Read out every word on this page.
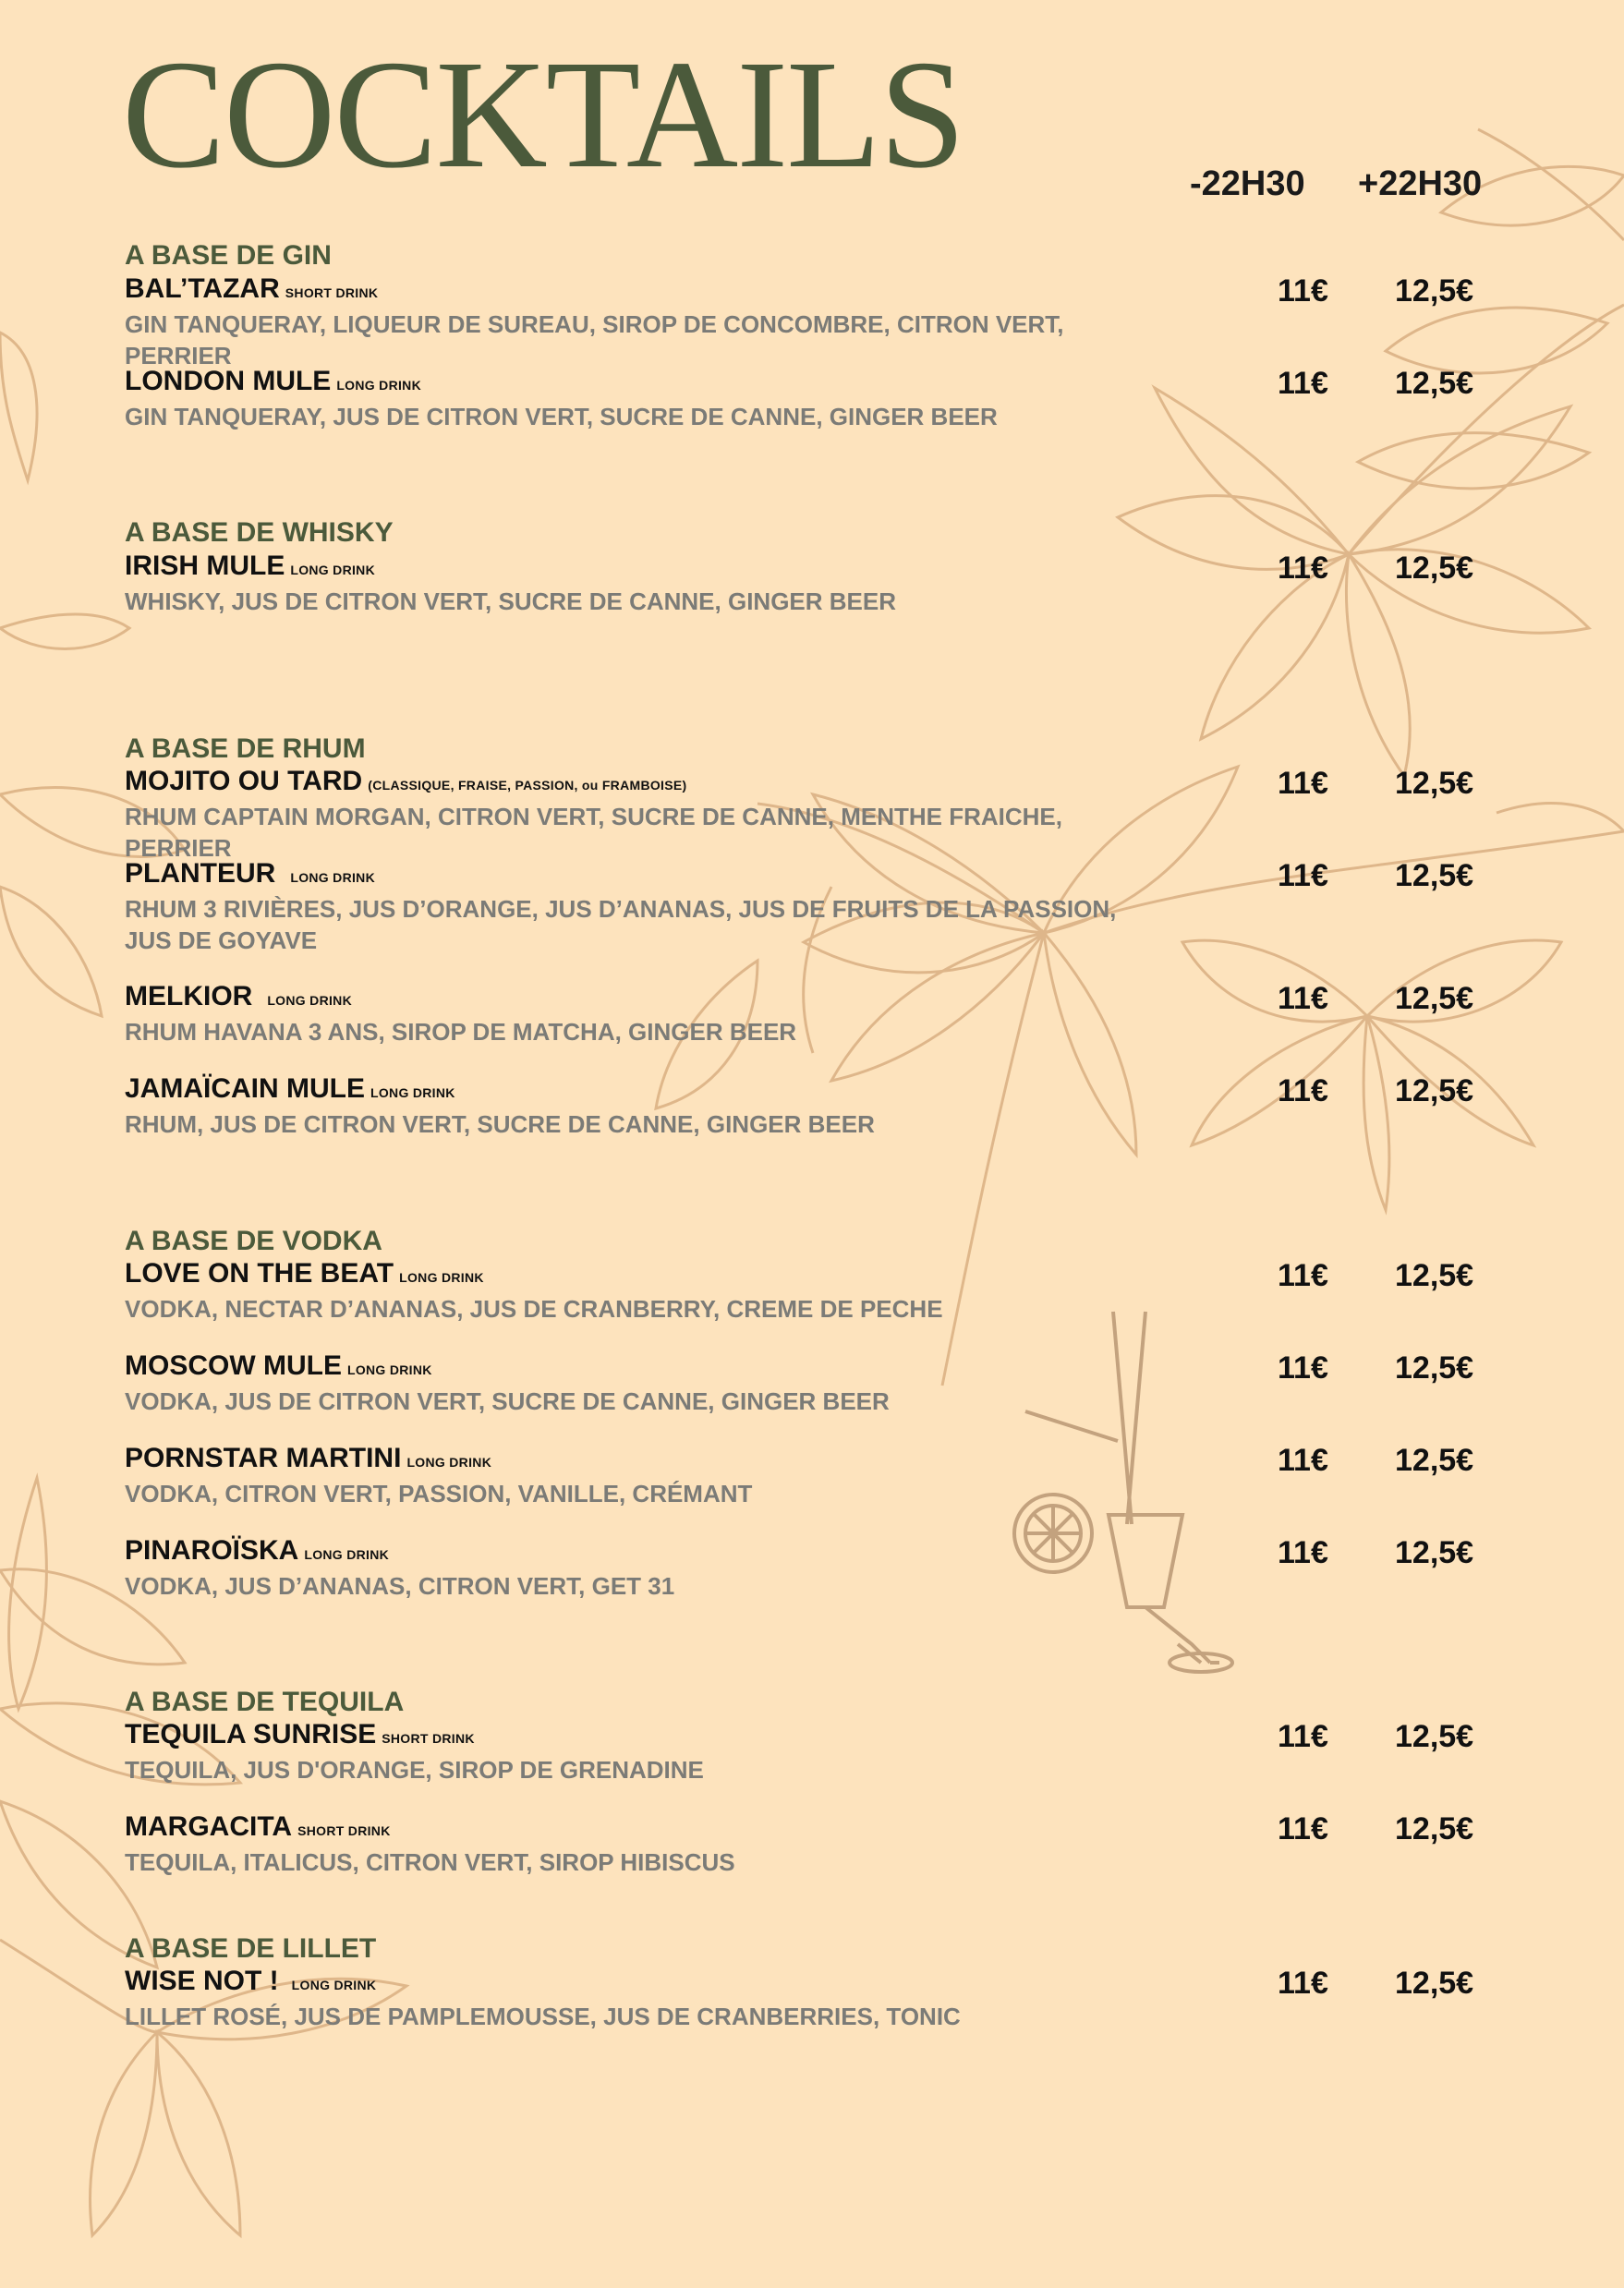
COCKTAILS	-22H30 +22H30
A BASE DE GIN
BAL’TAZAR SHORT DRINK
GIN TANQUERAY, LIQUEUR DE SUREAU, SIROP DE CONCOMBRE, CITRON VERT, PERRIER
11€ 12,5€
LONDON MULE LONG DRINK
GIN TANQUERAY, JUS DE CITRON VERT, SUCRE DE CANNE, GINGER BEER
11€ 12,5€
A BASE DE WHISKY
IRISH MULE LONG DRINK
WHISKY, JUS DE CITRON VERT, SUCRE DE CANNE, GINGER BEER
11€ 12,5€
A BASE DE RHUM
MOJITO OU TARD (CLASSIQUE, FRAISE, PASSION, ou FRAMBOISE)
RHUM CAPTAIN MORGAN, CITRON VERT, SUCRE DE CANNE, MENTHE FRAICHE, PERRIER
11€ 12,5€
PLANTEUR LONG DRINK
RHUM 3 RIVIÈRES, JUS D’ORANGE, JUS D’ANANAS, JUS DE FRUITS DE LA PASSION, JUS DE GOYAVE
11€ 12,5€
MELKIOR LONG DRINK
RHUM HAVANA 3 ANS, SIROP DE MATCHA, GINGER BEER
11€ 12,5€
JAMAÏCAIN MULE LONG DRINK
RHUM, JUS DE CITRON VERT, SUCRE DE CANNE, GINGER BEER
11€ 12,5€
A BASE DE VODKA
LOVE ON THE BEAT LONG DRINK
VODKA, NECTAR D’ANANAS, JUS DE CRANBERRY, CREME DE PECHE
11€ 12,5€
MOSCOW MULE LONG DRINK
VODKA, JUS DE CITRON VERT, SUCRE DE CANNE, GINGER BEER
11€ 12,5€
PORNSTAR MARTINI LONG DRINK
VODKA, CITRON VERT, PASSION, VANILLE, CRÉMANT
11€ 12,5€
PINAROÏSKA LONG DRINK
VODKA, JUS D’ANANAS, CITRON VERT, GET 31
11€ 12,5€
A BASE DE TEQUILA
TEQUILA SUNRISE SHORT DRINK
TEQUILA, JUS D'ORANGE, SIROP DE GRENADINE
11€ 12,5€
MARGACITA SHORT DRINK
TEQUILA, ITALICUS, CITRON VERT, SIROP HIBISCUS
11€ 12,5€
A BASE DE LILLET
WISE NOT ! LONG DRINK
LILLET ROSÉ, JUS DE PAMPLEMOUSSE, JUS DE CRANBERRIES, TONIC
11€ 12,5€
